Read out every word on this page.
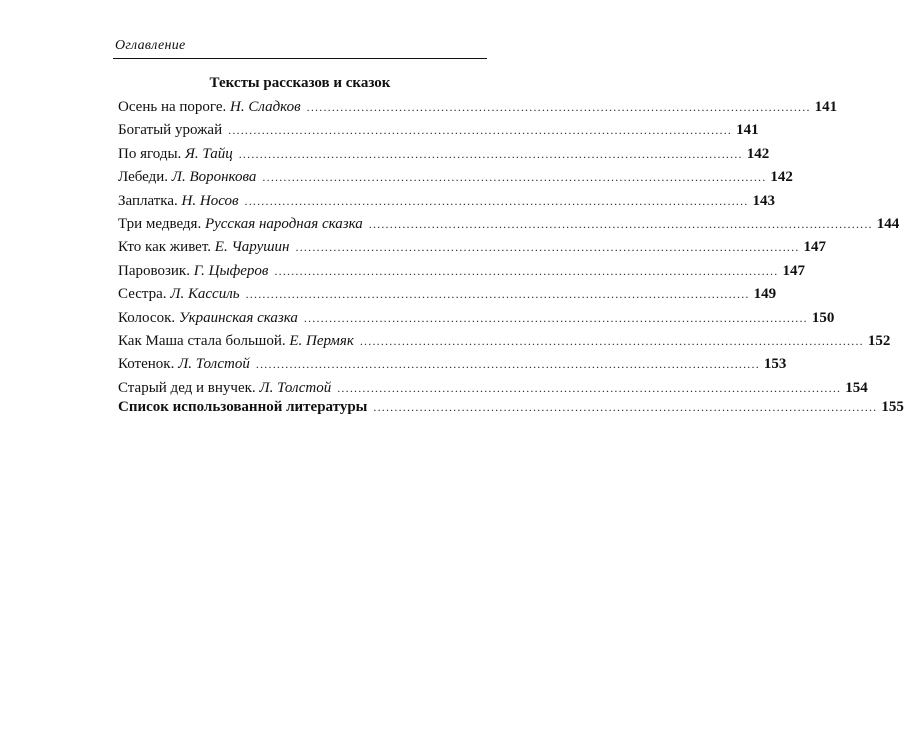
Оглавление
Тексты рассказов и сказок
Осень на пороге. Н. Сладков ........................................................................................................................ 141
Богатый урожай ........................................................................................................................ 141
По ягоды. Я. Тайц ........................................................................................................................ 142
Лебеди. Л. Воронкова ........................................................................................................................ 142
Заплатка. Н. Носов ........................................................................................................................ 143
Три медведя. Русская народная сказка ........................................................................................................................ 144
Кто как живет. Е. Чарушин ........................................................................................................................ 147
Паровозик. Г. Цыферов ........................................................................................................................ 147
Сестра. Л. Кассиль ........................................................................................................................ 149
Колосок. Украинская сказка ........................................................................................................................ 150
Как Маша стала большой. Е. Пермяк ........................................................................................................................ 152
Котенок. Л. Толстой ........................................................................................................................ 153
Старый дед и внучек. Л. Толстой ........................................................................................................................ 154
Список использованной литературы ........................................................................................................................ 155
